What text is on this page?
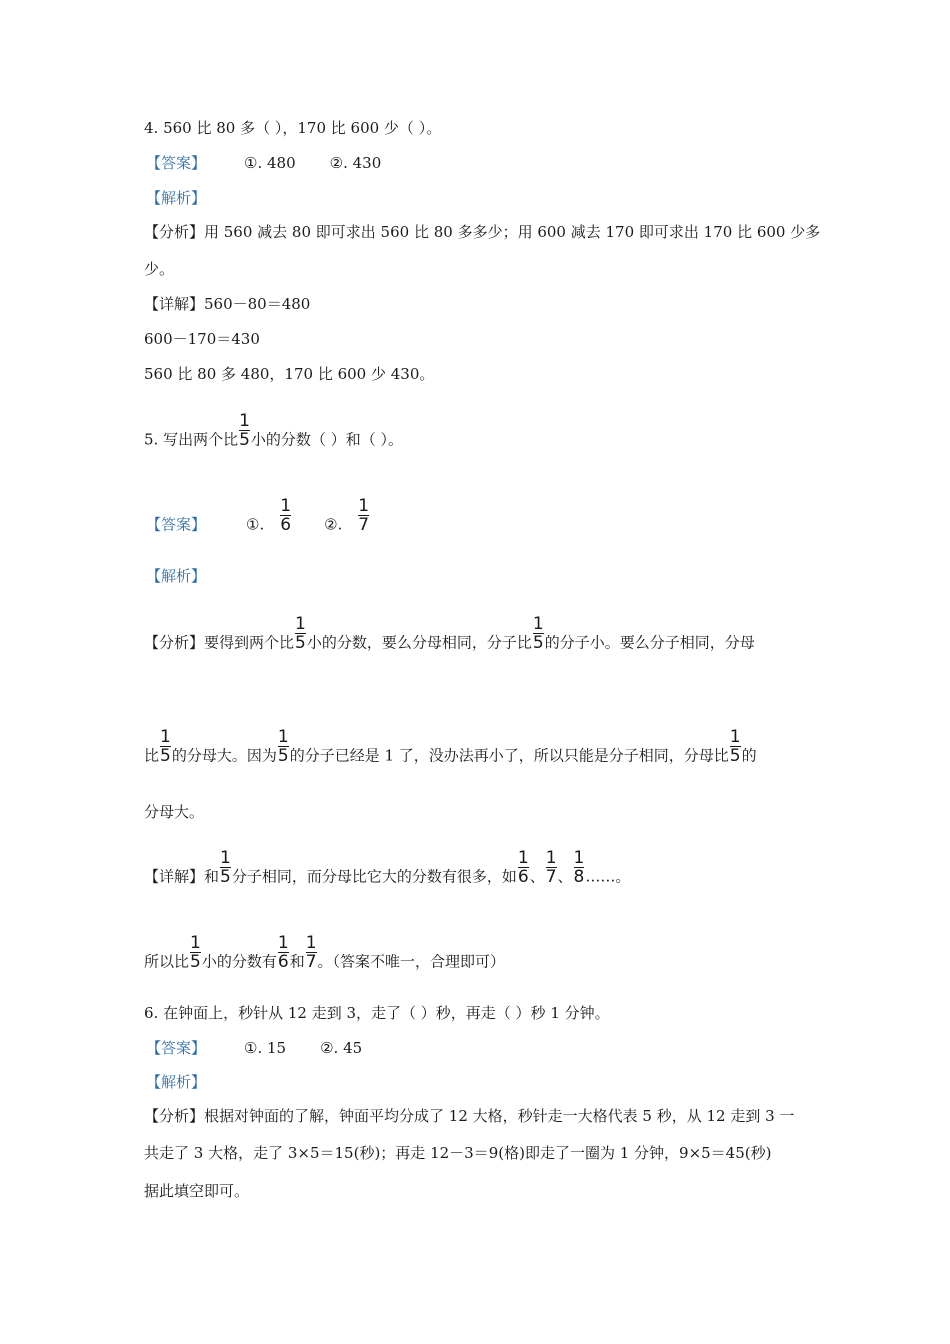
4. 560 比 80 多（ ），170 比 600 少（ ）。
【答案】	①. 480 ②. 430
【解析】
【分析】用 560 减去 80 即可求出 560 比 80 多多少；用 600 减去 170 即可求出 170 比 600 少多
少。
【详解】560－80＝480
600－170＝430
560 比 80 多 480，170 比 600 少 430。
5. 写出两个比 $\frac{1}{5}$ 小的分数（ ）和（ ）。
【答案】	①. $\frac{1}{6}$ ②. $\frac{1}{7}$
【解析】
【分析】要得到两个比 $\frac{1}{5}$ 小的分数，要么分母相同，分子比 $\frac{1}{5}$ 的分子小。要么分子相同，分母
比 $\frac{1}{5}$ 的分母大。因为 $\frac{1}{5}$ 的分子已经是 1 了，没办法再小了，所以只能是分子相同，分母比 $\frac{1}{5}$ 的
分母大。
【详解】和 $\frac{1}{5}$ 分子相同，而分母比它大的分数有很多，如 $\frac{1}{6}$ 、 $\frac{1}{7}$ 、 $\frac{1}{8}$ ……。
所以比 $\frac{1}{5}$ 小的分数有 $\frac{1}{6}$ 和 $\frac{1}{7}$ 。（答案不唯一，合理即可）
6. 在钟面上，秒针从 12 走到 3，走了（ ）秒，再走（ ）秒 1 分钟。
【答案】	①. 15 ②. 45
【解析】
【分析】根据对钟面的了解，钟面平均分成了 12 大格，秒针走一大格代表 5 秒，从 12 走到 3 一
共走了 3 大格，走了 3×5＝15(秒)；再走 12－3＝9(格)即走了一圈为 1 分钟，9×5＝45(秒)
据此填空即可。
